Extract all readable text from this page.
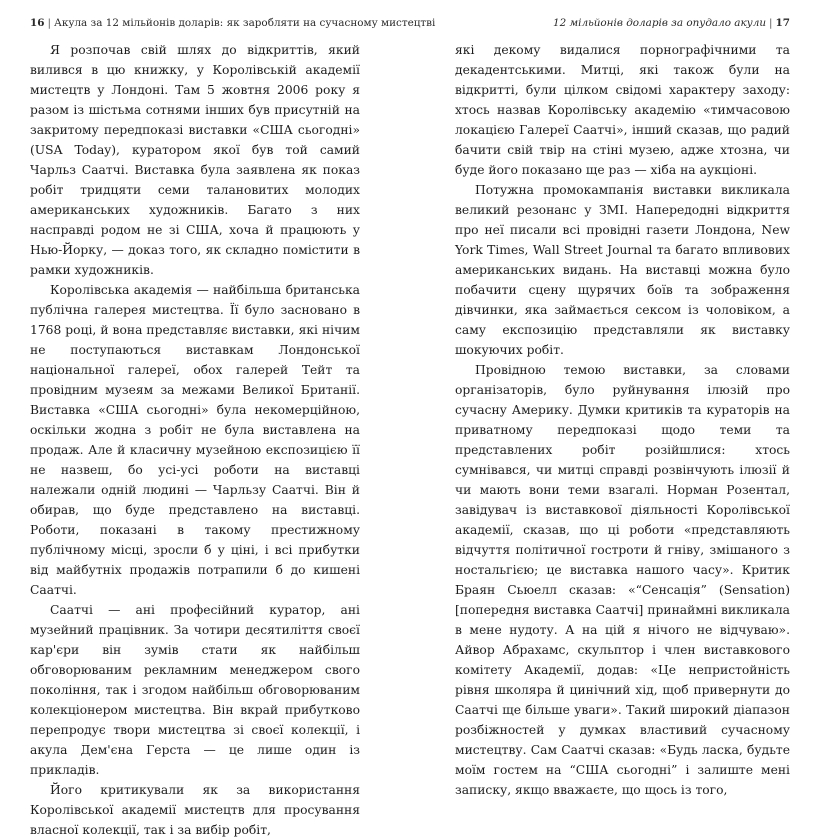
16 | Акула за 12 мільйонів доларів: як заробляти на сучасному мистецтві

Я розпочав свій шлях до відкриттів, який вилився в цю книжку, у Королівській академії мистецтв у Лондоні. Там 5 жовтня 2006 року я разом із шістьма сотнями інших був присутній на закритому передпоказі виставки «США сьогодні» (USA Today), куратором якої був той самий Чарльз Саатчі. Виставка була заявлена як показ робіт тридцяти семи талановитих молодих американських художників. Багато з них насправді родом не зі США, хоча й працюють у Нью-Йорку, — доказ того, як складно помістити в рамки художників.

Королівська академія — найбільша британська публічна галерея мистецтва. Її було засновано в 1768 році, й вона представляє виставки, які нічим не поступаються виставкам Лондонської національної галереї, обох галерей Тейт та провідним музеям за межами Великої Британії. Виставка «США сьогодні» була некомерційною, оскільки жодна з робіт не була виставлена на продаж. Але й класичну музейною експозицією її не назвеш, бо усі-усі роботи на виставці належали одній людині — Чарльзу Саатчі. Він й обирав, що буде представлено на виставці. Роботи, показані в такому престижному публічному місці, зросли б у ціні, і всі прибутки від майбутніх продажів потрапили б до кишені Саатчі.

Саатчі — ані професійний куратор, ані музейний працівник. За чотири десятиліття своєї кар'єри він зумів стати як найбільш обговорюваним рекламним менеджером свого покоління, так і згодом найбільш обговорюваним колекціонером мистецтва. Він вкрай прибутково перепродує твори мистецтва зі своєї колекції, і акула Дем'єна Герста — це лише один із прикладів.

Його критикували як за використання Королівської академії мистецтв для просування власної колекції, так і за вибір робіт,

12 мільйонів доларів за опудало акули | 17

які декому видалися порнографічними та декадентськими. Митці, які також були на відкритті, були цілком свідомі характеру заходу: хтось назвав Королівську академію «тимчасовою локацією Галереї Саатчі», інший сказав, що радий бачити свій твір на стіні музею, адже хтозна, чи буде його показано ще раз — хіба на аукціоні.

Потужна промокампанія виставки викликала великий резонанс у ЗМІ. Напередодні відкриття про неї писали всі провідні газети Лондона, New York Times, Wall Street Journal та багато впливових американських видань. На виставці можна було побачити сцену щурячих боїв та зображення дівчинки, яка займається сексом із чоловіком, а саму експозицію представляли як виставку шокуючих робіт.

Провідною темою виставки, за словами організаторів, було руйнування ілюзій про сучасну Америку. Думки критиків та кураторів на приватному передпоказі щодо теми та представлених робіт розійшлися: хтось сумнівався, чи митці справді розвінчують ілюзії й чи мають вони теми взагалі. Норман Розентал, завідувач із виставкової діяльності Королівської академії, сказав, що ці роботи «представляють відчуття політичної гостроти й гніву, змішаного з ностальгією; це виставка нашого часу». Критик Браян Сьюелл сказав: «“Сенсація” (Sensation) [попередня виставка Саатчі] принаймні викликала в мене нудоту. А на цій я нічого не відчуваю». Айвор Абрахамс, скульптор і член виставкового комітету Академії, додав: «Це непристойність рівня школяра й цинічний хід, щоб привернути до Саатчі ще більше уваги». Такий широкий діапазон розбіжностей у думках властивий сучасному мистецтву. Сам Саатчі сказав: «Будь ласка, будьте моїм гостем на “США сьогодні” і залиште мені записку, якщо вважаєте, що щось із того,
